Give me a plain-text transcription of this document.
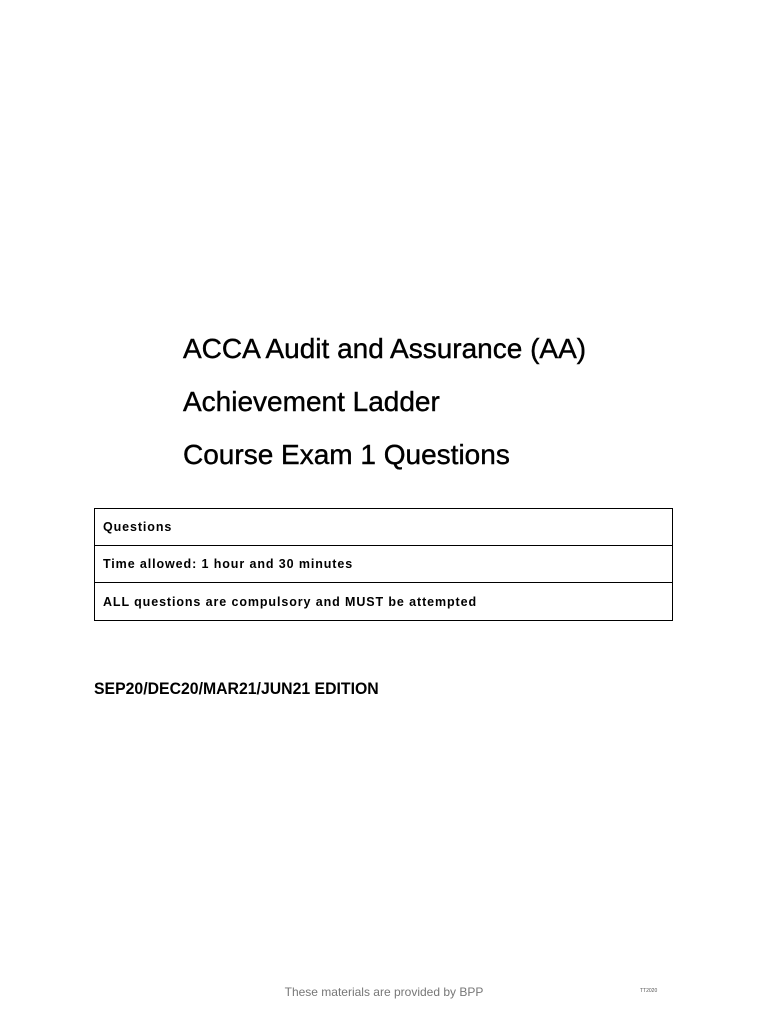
ACCA Audit and Assurance (AA)
Achievement Ladder
Course Exam 1 Questions
Questions
Time allowed: 1 hour and 30 minutes
ALL questions are compulsory and MUST be attempted
SEP20/DEC20/MAR21/JUN21 EDITION
These materials are provided by BPP	TT2020
